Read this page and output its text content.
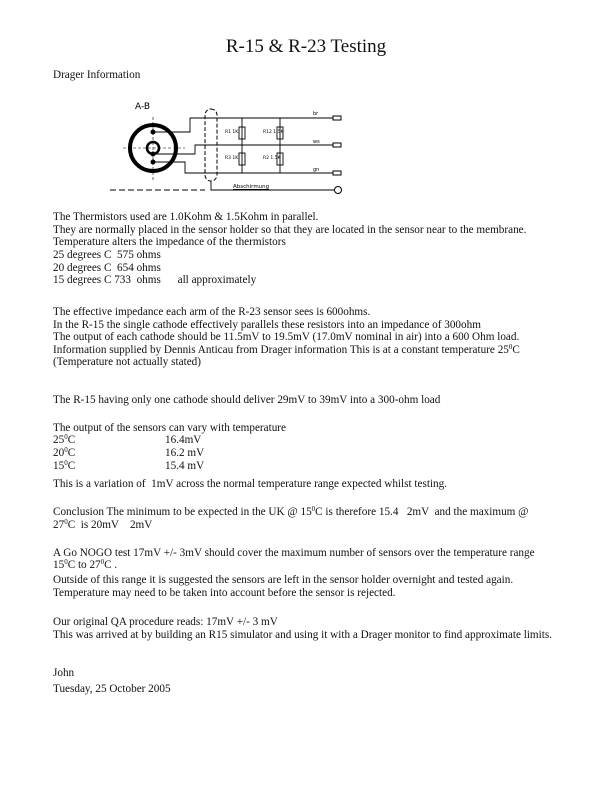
R-15 & R-23 Testing
Drager Information
A-B
R1 1K	R12 1.5K
R3 1K	R2 1.5K
br
ws
gn
Abschirmung
The Thermistors used are 1.0Kohm & 1.5Kohm in parallel.
They are normally placed in the sensor holder so that they are located in the sensor near to the membrane.
Temperature alters the impedance of the thermistors
25 degrees C  575 ohms
20 degrees C  654 ohms
15 degrees C 733  ohms      all approximately
The effective impedance each arm of the R-23 sensor sees is 600ohms.
In the R-15 the single cathode effectively parallels these resistors into an impedance of 300ohm
The output of each cathode should be 11.5mV to 19.5mV (17.0mV nominal in air) into a 600 Ohm load.
Information supplied by Dennis Anticau from Drager information This is at a constant temperature $25^0C$
(Temperature not actually stated)
The R-15 having only one cathode should deliver 29mV to 39mV into a 300-ohm load
The output of the sensors can vary with temperature
$25^0C$	16.4mV
$20^0C$	16.2 mV
$15^0C$	15.4 mV
This is a variation of  1mV across the normal temperature range expected whilst testing.
Conclusion The minimum to be expected in the UK @ $15^0C$ is therefore 15.4   2mV  and the maximum @
$27^0C$  is 20mV    2mV
A Go NOGO test 17mV +/- 3mV should cover the maximum number of sensors over the temperature range
$15^0C$ to $27^0C$ .
Outside of this range it is suggested the sensors are left in the sensor holder overnight and tested again.
Temperature may need to be taken into account before the sensor is rejected.
Our original QA procedure reads: 17mV +/- 3 mV
This was arrived at by building an R15 simulator and using it with a Drager monitor to find approximate limits.
John
Tuesday, 25 October 2005
